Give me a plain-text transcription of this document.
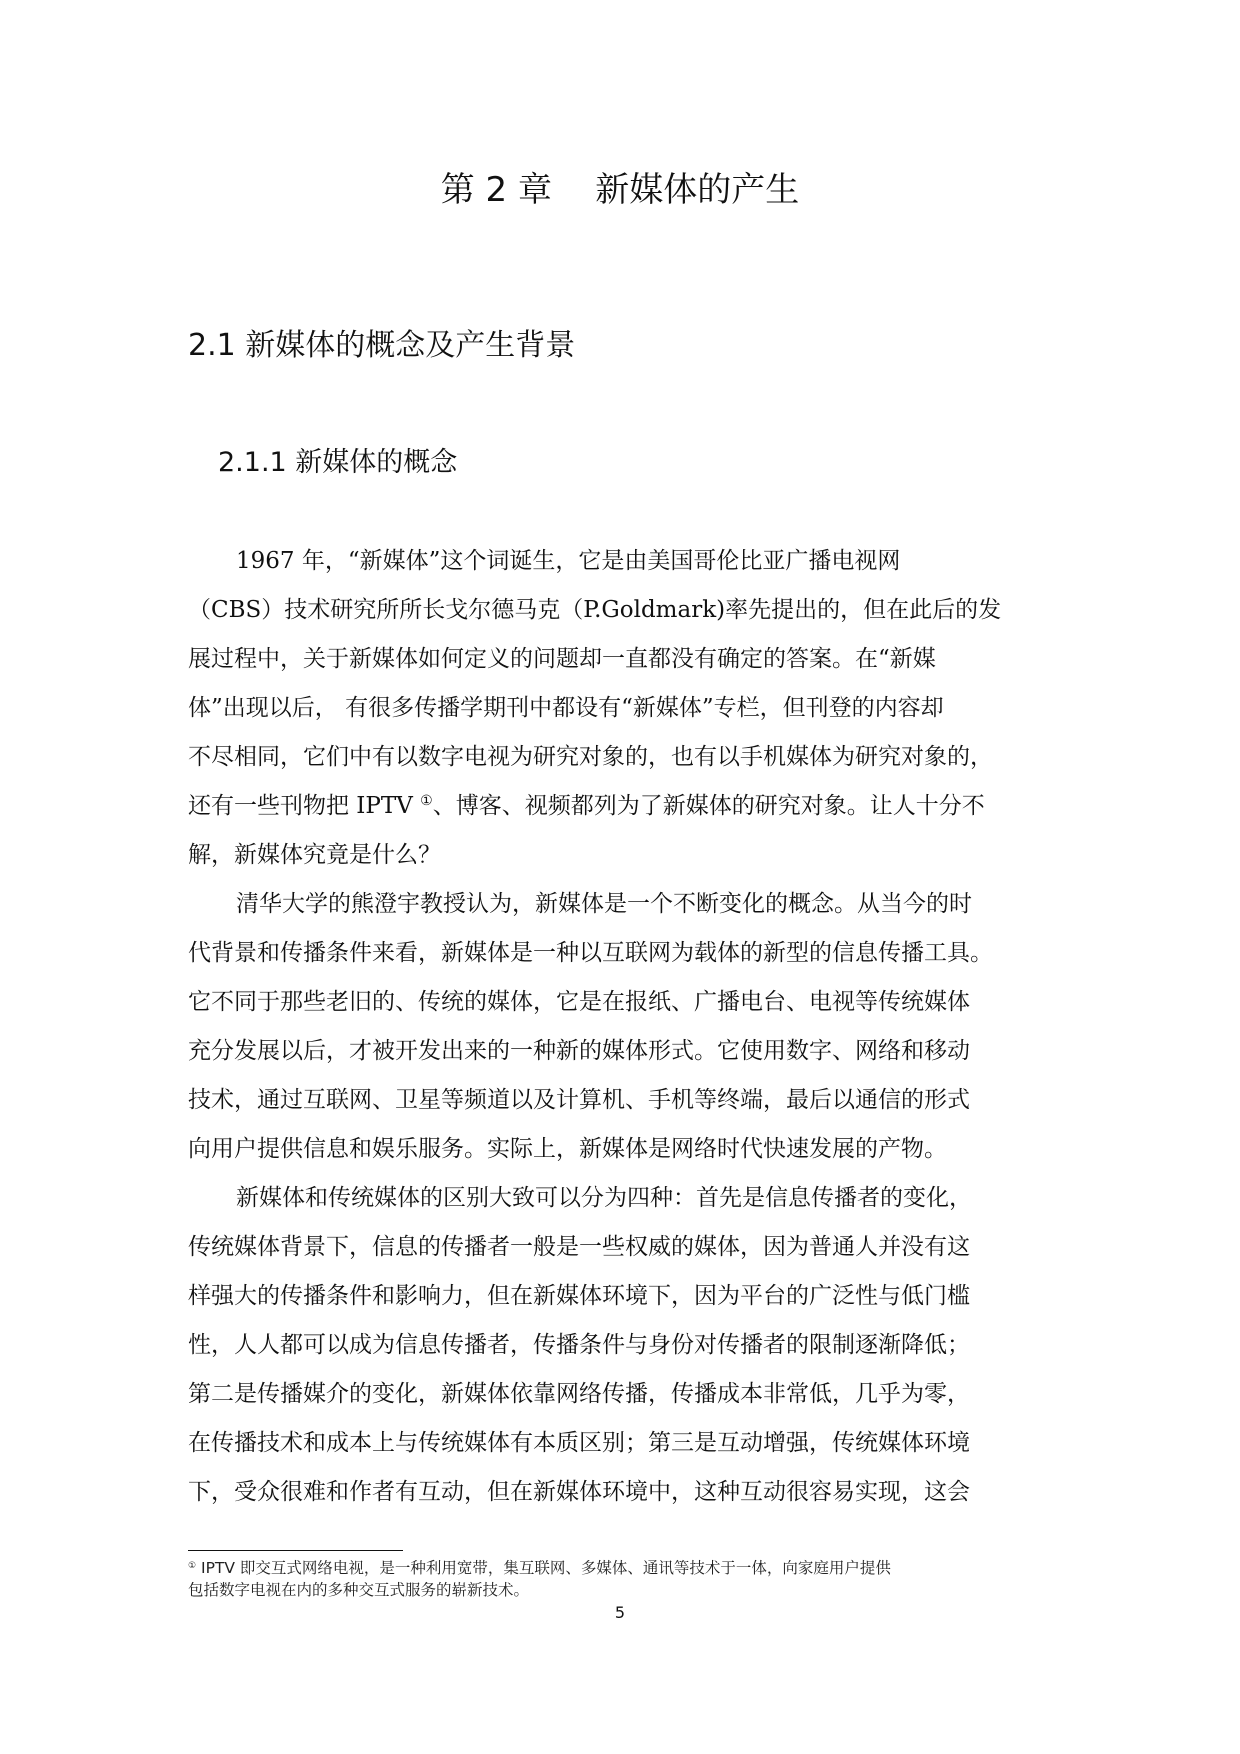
第 2 章    新媒体的产生
2.1 新媒体的概念及产生背景
2.1.1 新媒体的概念
1967 年，“新媒体”这个词诞生，它是由美国哥伦比亚广播电视网
（CBS）技术研究所所长戈尔德马克（P.Goldmark)率先提出的，但在此后的发
展过程中，关于新媒体如何定义的问题却一直都没有确定的答案。在“新媒
体”出现以后， 有很多传播学期刊中都设有“新媒体”专栏，但刊登的内容却
不尽相同，它们中有以数字电视为研究对象的，也有以手机媒体为研究对象的，
还有一些刊物把 IPTV ①、博客、视频都列为了新媒体的研究对象。让人十分不
解，新媒体究竟是什么？
清华大学的熊澄宇教授认为，新媒体是一个不断变化的概念。从当今的时
代背景和传播条件来看，新媒体是一种以互联网为载体的新型的信息传播工具。
它不同于那些老旧的、传统的媒体，它是在报纸、广播电台、电视等传统媒体
充分发展以后，才被开发出来的一种新的媒体形式。它使用数字、网络和移动
技术，通过互联网、卫星等频道以及计算机、手机等终端，最后以通信的形式
向用户提供信息和娱乐服务。实际上，新媒体是网络时代快速发展的产物。
新媒体和传统媒体的区别大致可以分为四种：首先是信息传播者的变化，
传统媒体背景下，信息的传播者一般是一些权威的媒体，因为普通人并没有这
样强大的传播条件和影响力，但在新媒体环境下，因为平台的广泛性与低门槛
性，人人都可以成为信息传播者，传播条件与身份对传播者的限制逐渐降低；
第二是传播媒介的变化，新媒体依靠网络传播，传播成本非常低，几乎为零，
在传播技术和成本上与传统媒体有本质区别；第三是互动增强，传统媒体环境
下，受众很难和作者有互动，但在新媒体环境中，这种互动很容易实现，这会
① IPTV 即交互式网络电视，是一种利用宽带，集互联网、多媒体、通讯等技术于一体，向家庭用户提供
包括数字电视在内的多种交互式服务的崭新技术。
5
